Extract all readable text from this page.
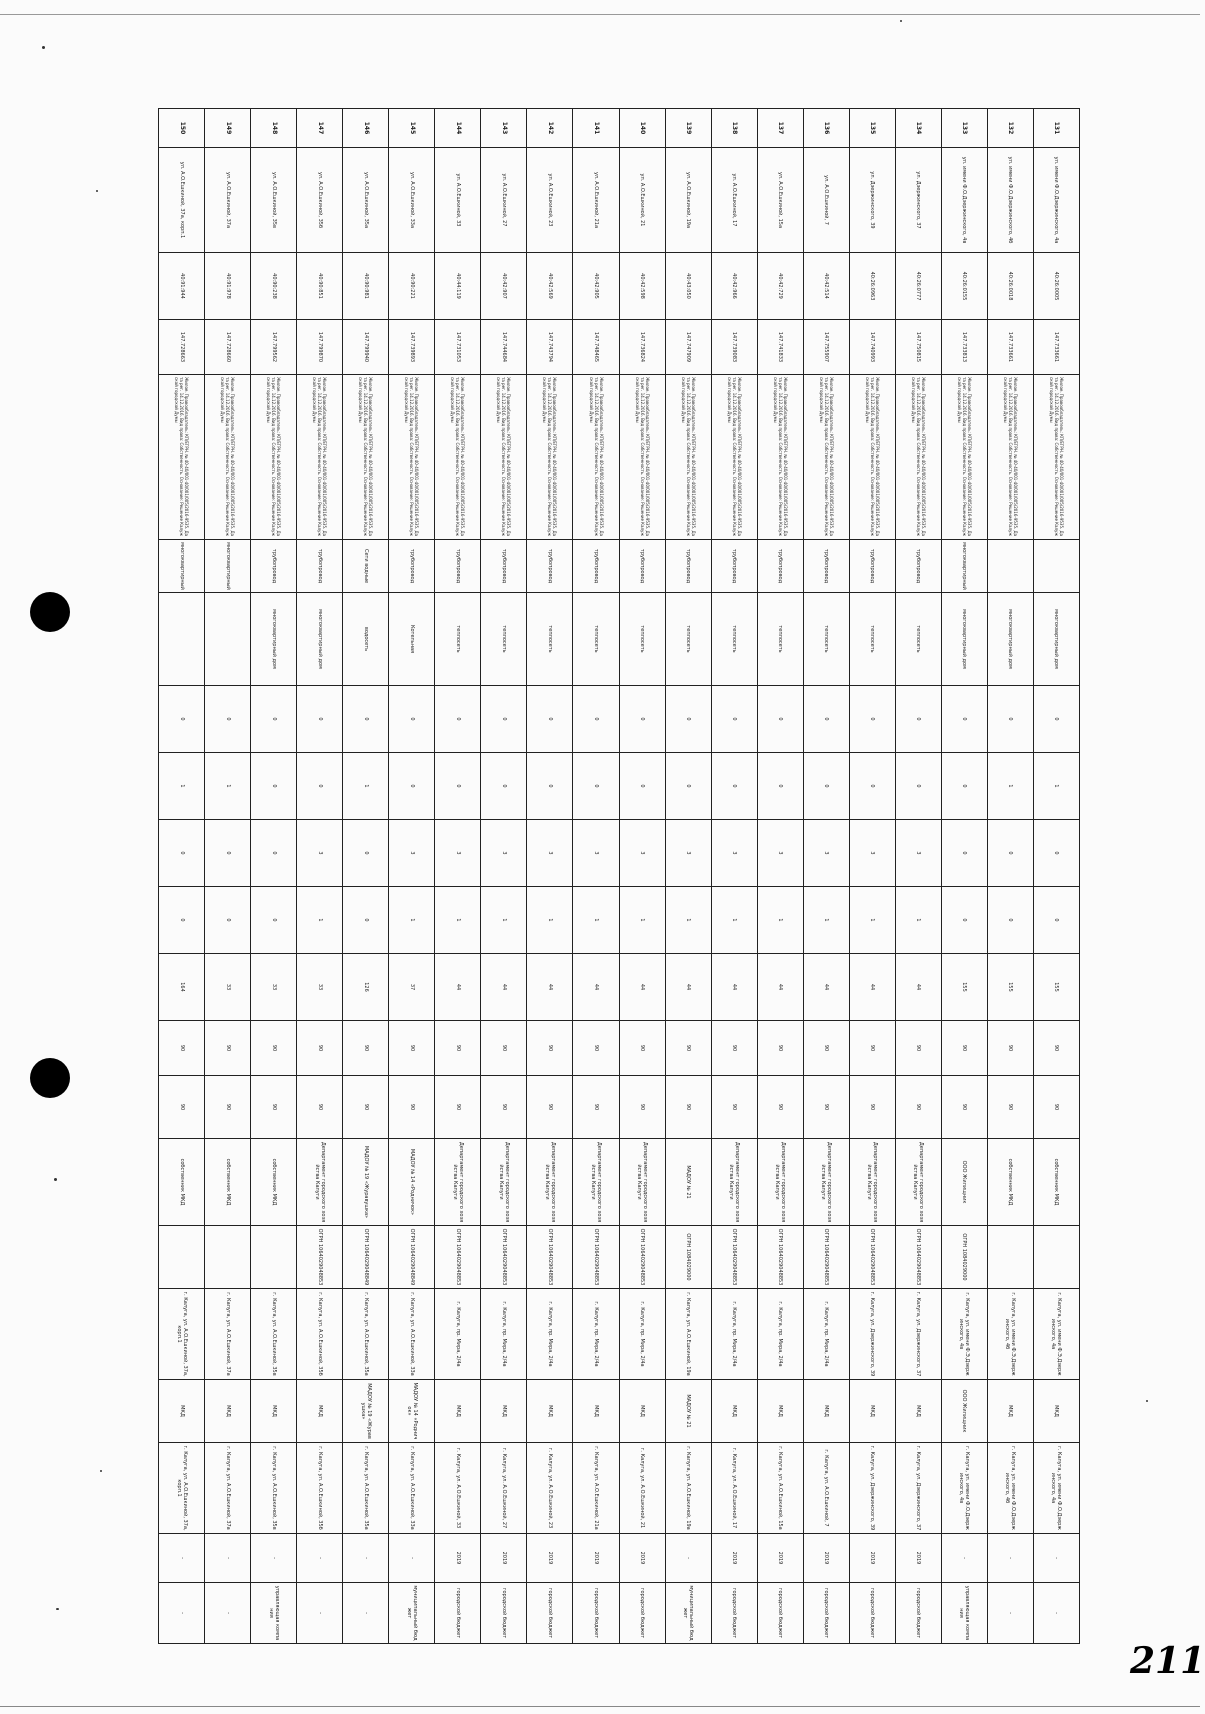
131	ул. имени Ф.О.Дзержинского, 4а	40:26:0005	147.733661	Жилое. Правообладатель: КП/ЕГРН. № 40-40/001-40/001/005/2016-9535. Дата рег. 14.12.2016. Вид права: Собственность. Основание: Решение Калужской городской Думы		многоквартирный дом	0	1	0	0	155	90	90	собственник МКД		г. Калуга, ул. имени Ф.Э.Дзержинского, 4а	МКД	г. Калуга, ул. имени Ф.О.Дзержинского, 4а	-	-
132	ул. имени Ф.О.Дзержинского, 4б	40:26:0018	147.733661	Жилое. Правообладатель: КП/ЕГРН. № 40-40/001-40/001/005/2016-9535. Дата рег. 14.12.2016. Вид права: Собственность. Основание: Решение Калужской городской Думы		многоквартирный дом	0	1	0	0	155	90	90	собственник МКД		г. Калуга, ул. имени Ф.Э.Дзержинского, 4б	МКД	г. Калуга, ул. имени Ф.О.Дзержинского, 4б	-	-
133	ул. имени Ф.О.Дзержинского, 4в	40:26:0155	147.733813	Жилое. Правообладатель: КП/ЕГРН. № 40-40/001-40/001/005/2016-9535. Дата рег. 14.12.2016. Вид права: Собственность. Основание: Решение Калужской городской Думы	многоквартирный	многоквартирный дом	0	0	0	0	155	90	90	ООО Жилищник	ОГРН 1084029000	г. Калуга, ул. имени Ф.Э.Дзержинского, 4в	ООО Жилищник	г. Калуга, ул. имени Ф.О.Дзержинского, 4в	-	управляющая компания
134	ул. Дзержинского, 37	40:26:0777	147.750815	Жилое. Правообладатель: КП/ЕГРН. № 40-40/001-40/001/005/2016-9535. Дата рег. 14.12.2016. Вид права: Собственность. Основание: Решение Калужской городской Думы	трубопровод	теплосеть	0	0	3	1	44	90	90	Департамент городского хозяйства Калуги	ОГРН 1064029048853	г. Калуга, ул. Дзержинского, 37	МКД	г. Калуга, ул. Дзержинского, 37	2019	городской бюджет
135	ул. Дзержинского, 39	40:26:0963	147.740993	Жилое. Правообладатель: КП/ЕГРН. № 40-40/001-40/001/005/2016-9535. Дата рег. 14.12.2016. Вид права: Собственность. Основание: Решение Калужской городской Думы	трубопровод	теплосеть	0	0	3	1	44	90	90	Департамент городского хозяйства Калуги	ОГРН 1064029048853	г. Калуга, ул. Дзержинского, 39	МКД	г. Калуга, ул. Дзержинского, 39	2019	городской бюджет
136	ул. А.О.Ешкиной, 7	40:42:514	147.755907	Жилое. Правообладатель: КП/ЕГРН. № 40-40/001-40/001/005/2016-9535. Дата рег. 14.12.2016. Вид права: Собственность. Основание: Решение Калужской городской Думы	трубопровод	теплосеть	0	0	3	1	44	90	90	Департамент городского хозяйства Калуги	ОГРН 1064029048853	г. Калуга, пр. Мира, 2/4а	МКД	г. Калуга, ул. А.О.Ешкиной, 7	2019	городской бюджет
137	ул. А.О.Ешкиной, 15а	40:42:729	147.741833	Жилое. Правообладатель: КП/ЕГРН. № 40-40/001-40/001/005/2016-9535. Дата рег. 14.12.2016. Вид права: Собственность. Основание: Решение Калужской городской Думы	трубопровод	теплосеть	0	0	3	1	44	90	90	Департамент городского хозяйства Калуги	ОГРН 1064029048853	г. Калуга, пр. Мира, 2/4а	МКД	г. Калуга, ул. А.О.Ешкиной, 15а	2019	городской бюджет
138	ул. А.О.Ешкиной, 17	40:42:966	147.739083	Жилое. Правообладатель: КП/ЕГРН. № 40-40/001-40/001/005/2016-9535. Дата рег. 14.12.2016. Вид права: Собственность. Основание: Решение Калужской городской Думы	трубопровод	теплосеть	0	0	3	1	44	90	90	Департамент городского хозяйства Калуги	ОГРН 1064029048853	г. Калуга, пр. Мира, 2/4а	МКД	г. Калуга, ул. А.О.Ешкиной, 17	2019	городской бюджет
139	ул. А.О.Ешкиной, 19а	40:43:050	147.747909	Жилое. Правообладатель: КП/ЕГРН. № 40-40/001-40/001/005/2016-9535. Дата рег. 14.12.2016. Вид права: Собственность. Основание: Решение Калужской городской Думы	трубопровод	теплосеть	0	0	3	1	44	90	90	МАДОУ № 21	ОГРН 1084029000	г. Калуга, ул. А.О.Ешкиной, 19а	МАДОУ № 21	г. Калуга, ул. А.О.Ешкиной, 19а	-	муниципальный бюджет
140	ул. А.О.Ешкиной, 21	40:42:598	147.736824	Жилое. Правообладатель: КП/ЕГРН. № 40-40/001-40/001/005/2016-9535. Дата рег. 14.12.2016. Вид права: Собственность. Основание: Решение Калужской городской Думы	трубопровод	теплосеть	0	0	3	1	44	90	90	Департамент городского хозяйства Калуги	ОГРН 1064029048853	г. Калуга, пр. Мира, 2/4а	МКД	г. Калуга, ул. А.О.Ешкиной, 21	2019	городской бюджет
141	ул. А.О.Ешкиной, 21а	40:42:905	147.748465	Жилое. Правообладатель: КП/ЕГРН. № 40-40/001-40/001/005/2016-9535. Дата рег. 14.12.2016. Вид права: Собственность. Основание: Решение Калужской городской Думы	трубопровод	теплосеть	0	0	3	1	44	90	90	Департамент городского хозяйства Калуги	ОГРН 1064029048853	г. Калуга, пр. Мира, 2/4а	МКД	г. Калуга, ул. А.О.Ешкиной, 21а	2019	городской бюджет
142	ул. А.О.Ешкиной, 23	40:42:569	147.743794	Жилое. Правообладатель: КП/ЕГРН. № 40-40/001-40/001/005/2016-9535. Дата рег. 14.12.2016. Вид права: Собственность. Основание: Решение Калужской городской Думы	трубопровод	теплосеть	0	0	3	1	44	90	90	Департамент городского хозяйства Калуги	ОГРН 1064029048853	г. Калуга, пр. Мира, 2/4а	МКД	г. Калуга, ул. А.О.Ешкиной, 23	2019	городской бюджет
143	ул. А.О.Ешкиной, 27	40:42:907	147.744684	Жилое. Правообладатель: КП/ЕГРН. № 40-40/001-40/001/005/2016-9535. Дата рег. 14.12.2016. Вид права: Собственность. Основание: Решение Калужской городской Думы	трубопровод	теплосеть	0	0	3	1	44	90	90	Департамент городского хозяйства Калуги	ОГРН 1064029048853	г. Калуга, пр. Мира, 2/4а	МКД	г. Калуга, ул. А.О.Ешкиной, 27	2019	городской бюджет
144	ул. А.О.Ешкиной, 33	40:44:119	147.731053	Жилое. Правообладатель: КП/ЕГРН. № 40-40/001-40/001/005/2016-9535. Дата рег. 14.12.2016. Вид права: Собственность. Основание: Решение Калужской городской Думы	трубопровод	теплосеть	0	0	3	1	44	90	90	Департамент городского хозяйства Калуги	ОГРН 1064029048853	г. Калуга, пр. Мира, 2/4а	МКД	г. Калуга, ул. А.О.Ешкиной, 33	2019	городской бюджет
145	ул. А.О.Ешкиной, 33а	40:90:221	147.739893	Жилое. Правообладатель: КП/ЕГРН. № 40-40/001-40/001/005/2016-9535. Дата рег. 14.12.2016. Вид права: Собственность. Основание: Решение Калужской городской Думы	трубопровод	Котельная	0	0	3	1	37	90	90	МАДОУ № 14 «Родничок»	ОГРН 1064029048849	г. Калуга, ул. А.О.Ешкиной, 33а	МАДОУ № 14 «Родничок»	г. Калуга, ул. А.О.Ешкиной, 33а	-	муниципальный бюджет
146	ул. А.О.Ешкиной, 35а	40:90:981	147.799940	Жилое. Правообладатель: КП/ЕГРН. № 40-40/001-40/001/005/2016-9535. Дата рег. 14.12.2016. Вид права: Собственность. Основание: Решение Калужской городской Думы	Сети водные	водосеть	0	1	0	0	126	90	90	МАДОУ № 19 «Журавушка»	ОГРН 1064029048849	г. Калуга, ул. А.О.Ешкиной, 35а	МАДОУ № 19 «Журавушка»	г. Калуга, ул. А.О.Ешкиной, 35а	-	-
147	ул. А.О.Ешкиной, 35б	40:90:851	147.799870	Жилое. Правообладатель: КП/ЕГРН. № 40-40/001-40/001/005/2016-9535. Дата рег. 14.12.2016. Вид права: Собственность. Основание: Решение Калужской городской Думы	трубопровод	многоквартирный дом	0	0	3	1	33	90	90	Департамент городского хозяйства Калуги	ОГРН 1064029048853	г. Калуга, ул. А.О.Ешкиной, 35б	МКД	г. Калуга, ул. А.О.Ешкиной, 35б	-	-
148	ул. А.О.Ешкиной, 35в	40:90:238	147.799562	Жилое. Правообладатель: КП/ЕГРН. № 40-40/001-40/001/005/2016-9535. Дата рег. 14.12.2016. Вид права: Собственность. Основание: Решение Калужской городской Думы	трубопровод	многоквартирный дом	0	0	0	0	33	90	90	собственник МКД		г. Калуга, ул. А.О.Ешкиной, 35в	МКД	г. Калуга, ул. А.О.Ешкиной, 35в	-	управляющая компания
149	ул. А.О.Ешкиной, 37а	40:91:978	147.728660	Жилое. Правообладатель: КП/ЕГРН. № 40-40/001-40/001/005/2016-9535. Дата рег. 14.12.2016. Вид права: Собственность. Основание: Решение Калужской городской Думы	многоквартирный		0	1	0	0	33	90	90	собственник МКД		г. Калуга, ул. А.О.Ешкиной, 37а	МКД	г. Калуга, ул. А.О.Ешкиной, 37а	-	-
150	ул. А.О.Ешкиной, 37а, корп.1	40:91:944	147.728663	Жилое. Правообладатель: КП/ЕГРН. № 40-40/001-40/001/005/2016-9535. Дата рег. 14.12.2016. Вид права: Собственность. Основание: Решение Калужской городской Думы	многоквартирный		0	1	0	0	164	90	90	собственник МКД		г. Калуга, ул. А.О.Ешкиной, 37а, корп.1	МКД	г. Калуга, ул. А.О.Ешкиной, 37а, корп.1	-	-
211
